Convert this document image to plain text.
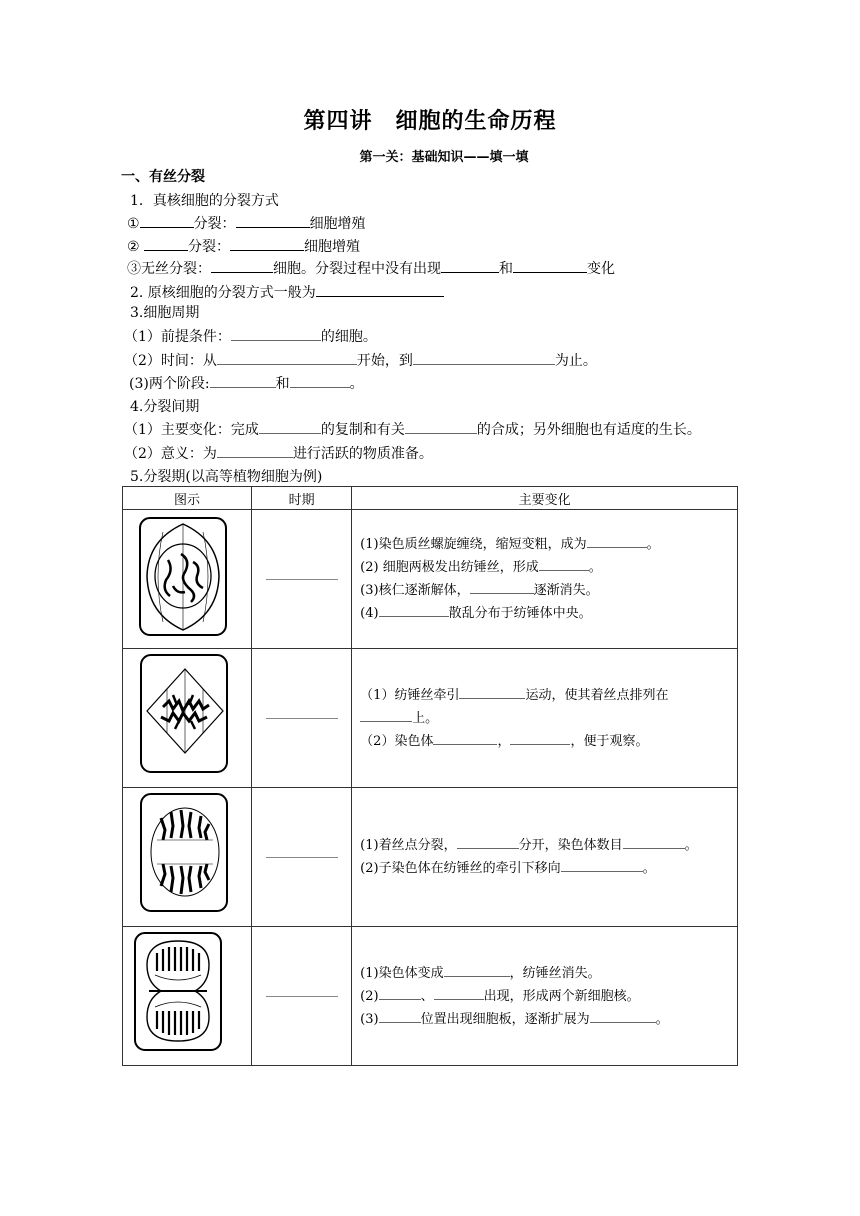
第四讲　细胞的生命历程
第一关：基础知识——填一填
一、有丝分裂
1．真核细胞的分裂方式
①	分裂：	细胞增殖
②	分裂：	细胞增殖
③无丝分裂：	细胞。分裂过程中没有出现	和	变化
2. 原核细胞的分裂方式一般为
3.细胞周期
（1）前提条件：	的细胞。
（2）时间：从	开始，到	为止。
(3)两个阶段:	和	。
4.分裂间期
（1）主要变化：完成	的复制和有关	的合成；另外细胞也有适度的生长。
（2）意义：为	进行活跃的物质准备。
5.分裂期(以高等植物细胞为例)
图示	时期	主要变化

(1)染色质丝螺旋缠绕，缩短变粗，成为 。
(2) 细胞两极发出纺锤丝，形成 。
(3)核仁逐渐解体， 逐渐消失。
(4) 散乱分布于纺锤体中央。

（1）纺锤丝牵引 运动，使其着丝点排列在
上。
（2）染色体 ， ，便于观察。

(1)着丝点分裂， 分开，染色体数目 。
(2)子染色体在纺锤丝的牵引下移向 。

(1)染色体变成 ，纺锤丝消失。
(2) 、 出现，形成两个新细胞核。
(3) 位置出现细胞板，逐渐扩展为 。
